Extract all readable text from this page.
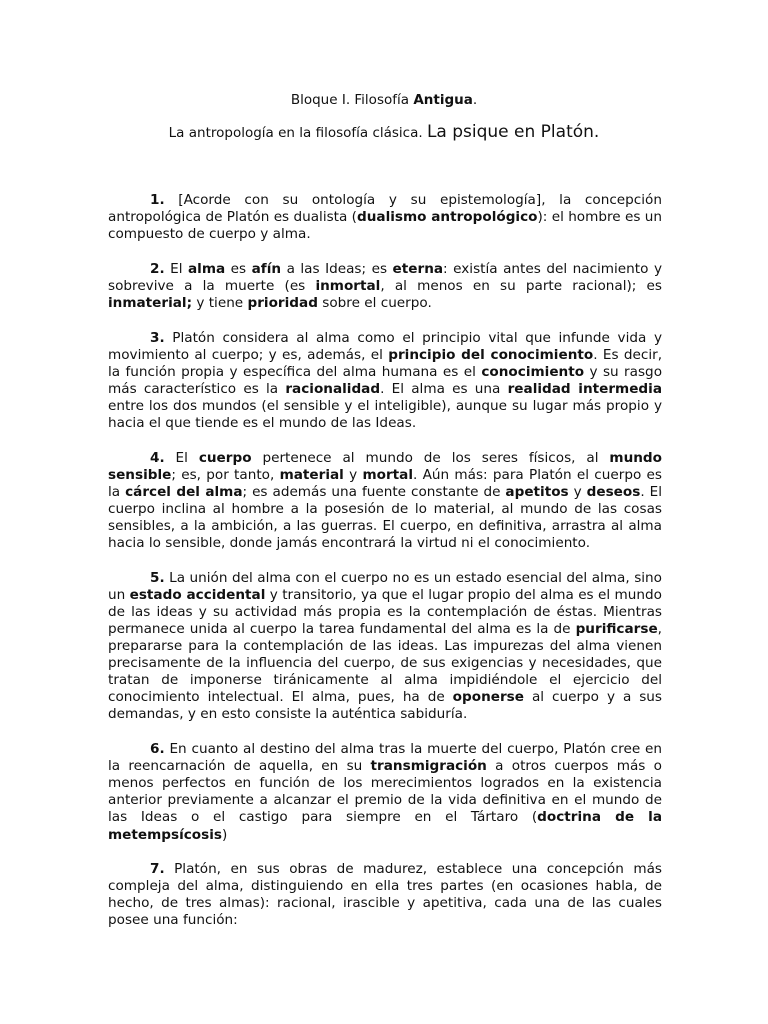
Bloque I. Filosofía Antigua.
La antropología en la filosofía clásica. La psique en Platón.

1. [Acorde con su ontología y su epistemología], la concepción antropológica de Platón es dualista (dualismo antropológico): el hombre es un compuesto de cuerpo y alma.

2. El alma es afín a las Ideas; es eterna: existía antes del nacimiento y sobrevive a la muerte (es inmortal, al menos en su parte racional); es inmaterial; y tiene prioridad sobre el cuerpo.

3. Platón considera al alma como el principio vital que infunde vida y movimiento al cuerpo; y es, además, el principio del conocimiento. Es decir, la función propia y específica del alma humana es el conocimiento y su rasgo más característico es la racionalidad. El alma es una realidad intermedia entre los dos mundos (el sensible y el inteligible), aunque su lugar más propio y hacia el que tiende es el mundo de las Ideas.

4. El cuerpo pertenece al mundo de los seres físicos, al mundo sensible; es, por tanto, material y mortal. Aún más: para Platón el cuerpo es la cárcel del alma; es además una fuente constante de apetitos y deseos. El cuerpo inclina al hombre a la posesión de lo material, al mundo de las cosas sensibles, a la ambición, a las guerras. El cuerpo, en definitiva, arrastra al alma hacia lo sensible, donde jamás encontrará la virtud ni el conocimiento.

5. La unión del alma con el cuerpo no es un estado esencial del alma, sino un estado accidental y transitorio, ya que el lugar propio del alma es el mundo de las ideas y su actividad más propia es la contemplación de éstas. Mientras permanece unida al cuerpo la tarea fundamental del alma es la de purificarse, prepararse para la contemplación de las ideas. Las impurezas del alma vienen precisamente de la influencia del cuerpo, de sus exigencias y necesidades, que tratan de imponerse tiránicamente al alma impidiéndole el ejercicio del conocimiento intelectual. El alma, pues, ha de oponerse al cuerpo y a sus demandas, y en esto consiste la auténtica sabiduría.

6. En cuanto al destino del alma tras la muerte del cuerpo, Platón cree en la reencarnación de aquella, en su transmigración a otros cuerpos más o menos perfectos en función de los merecimientos logrados en la existencia anterior previamente a alcanzar el premio de la vida definitiva en el mundo de las Ideas o el castigo para siempre en el Tártaro (doctrina de la metempsícosis)

7. Platón, en sus obras de madurez, establece una concepción más compleja del alma, distinguiendo en ella tres partes (en ocasiones habla, de hecho, de tres almas): racional, irascible y apetitiva, cada una de las cuales posee una función:
